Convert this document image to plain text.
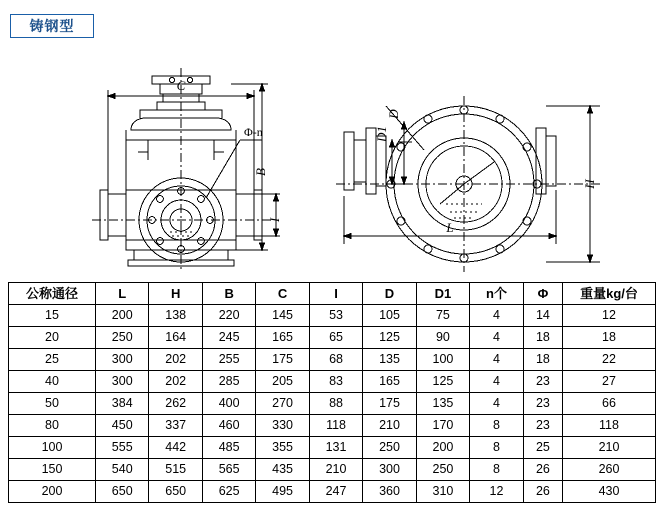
铸钢型
B
C
I
H
L
D
D1
Φ-n
公称通径	L	H	B	C	I	D	D1	n个	Φ	重量kg/台
15	200	138	220	145	53	105	75	4	14	12
20	250	164	245	165	65	125	90	4	18	18
25	300	202	255	175	68	135	100	4	18	22
40	300	202	285	205	83	165	125	4	23	27
50	384	262	400	270	88	175	135	4	23	66
80	450	337	460	330	118	210	170	8	23	118
100	555	442	485	355	131	250	200	8	25	210
150	540	515	565	435	210	300	250	8	26	260
200	650	650	625	495	247	360	310	12	26	430
